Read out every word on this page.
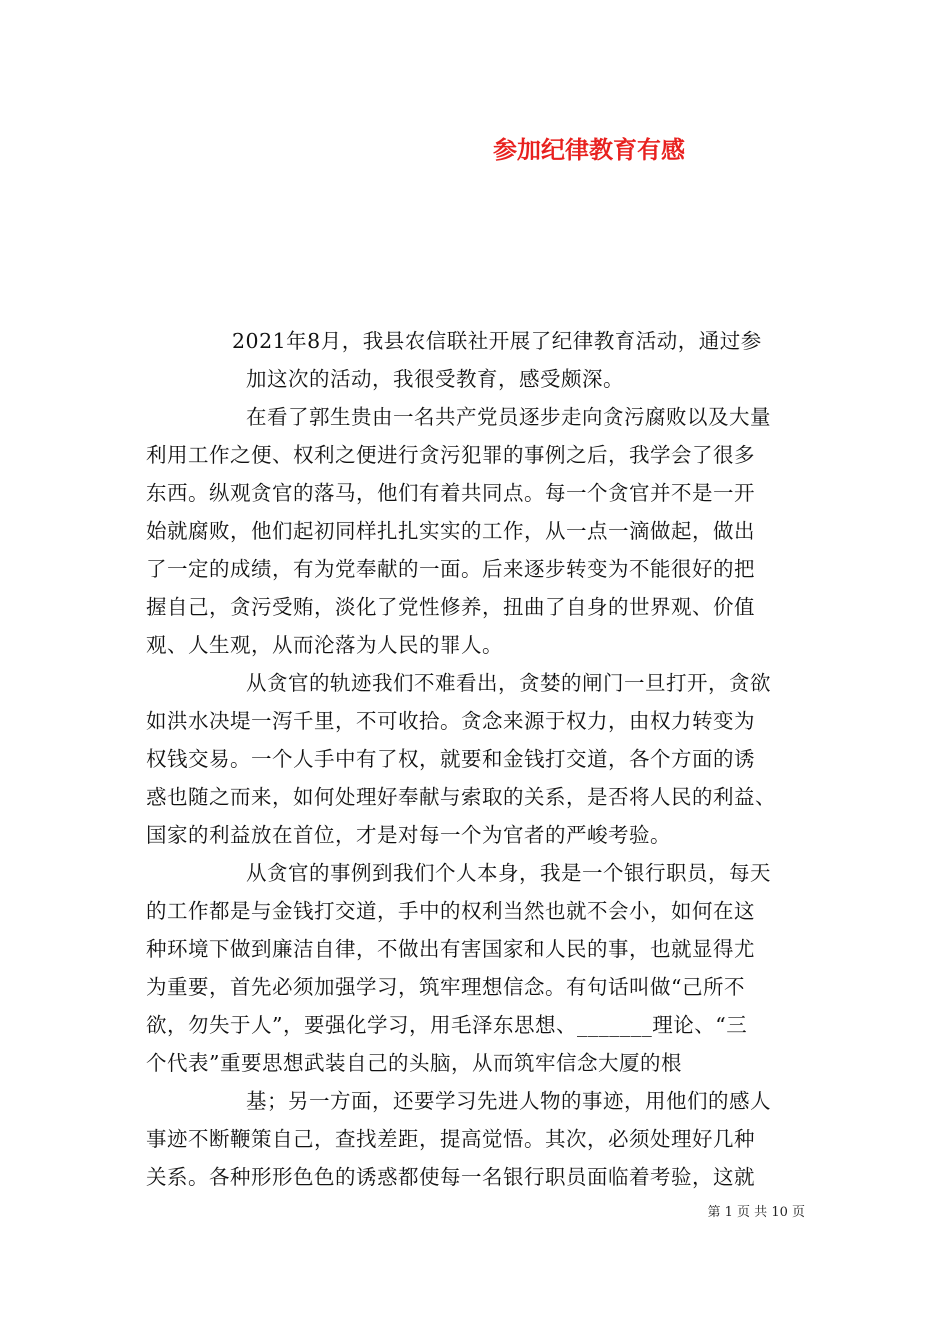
参加纪律教育有感

2021年8月，我县农信联社开展了纪律教育活动，通过参

加这次的活动，我很受教育，感受颇深。

在看了郭生贵由一名共产党员逐步走向贪污腐败以及大量

利用工作之便、权利之便进行贪污犯罪的事例之后，我学会了很多

东西。纵观贪官的落马，他们有着共同点。每一个贪官并不是一开

始就腐败，他们起初同样扎扎实实的工作，从一点一滴做起，做出

了一定的成绩，有为党奉献的一面。后来逐步转变为不能很好的把

握自己，贪污受贿，淡化了党性修养，扭曲了自身的世界观、价值

观、人生观，从而沦落为人民的罪人。

从贪官的轨迹我们不难看出，贪婪的闸门一旦打开，贪欲

如洪水决堤一泻千里，不可收拾。贪念来源于权力，由权力转变为

权钱交易。一个人手中有了权，就要和金钱打交道，各个方面的诱

惑也随之而来，如何处理好奉献与索取的关系，是否将人民的利益、

国家的利益放在首位，才是对每一个为官者的严峻考验。

从贪官的事例到我们个人本身，我是一个银行职员，每天

的工作都是与金钱打交道，手中的权利当然也就不会小，如何在这

种环境下做到廉洁自律，不做出有害国家和人民的事，也就显得尤

为重要，首先必须加强学习，筑牢理想信念。有句话叫做“己所不

欲，勿失于人”，要强化学习，用毛泽东思想、_______理论、“三

个代表”重要思想武装自己的头脑，从而筑牢信念大厦的根

基；另一方面，还要学习先进人物的事迹，用他们的感人

事迹不断鞭策自己，查找差距，提高觉悟。其次，必须处理好几种

关系。各种形形色色的诱惑都使每一名银行职员面临着考验，这就

第 1 页 共 10 页
